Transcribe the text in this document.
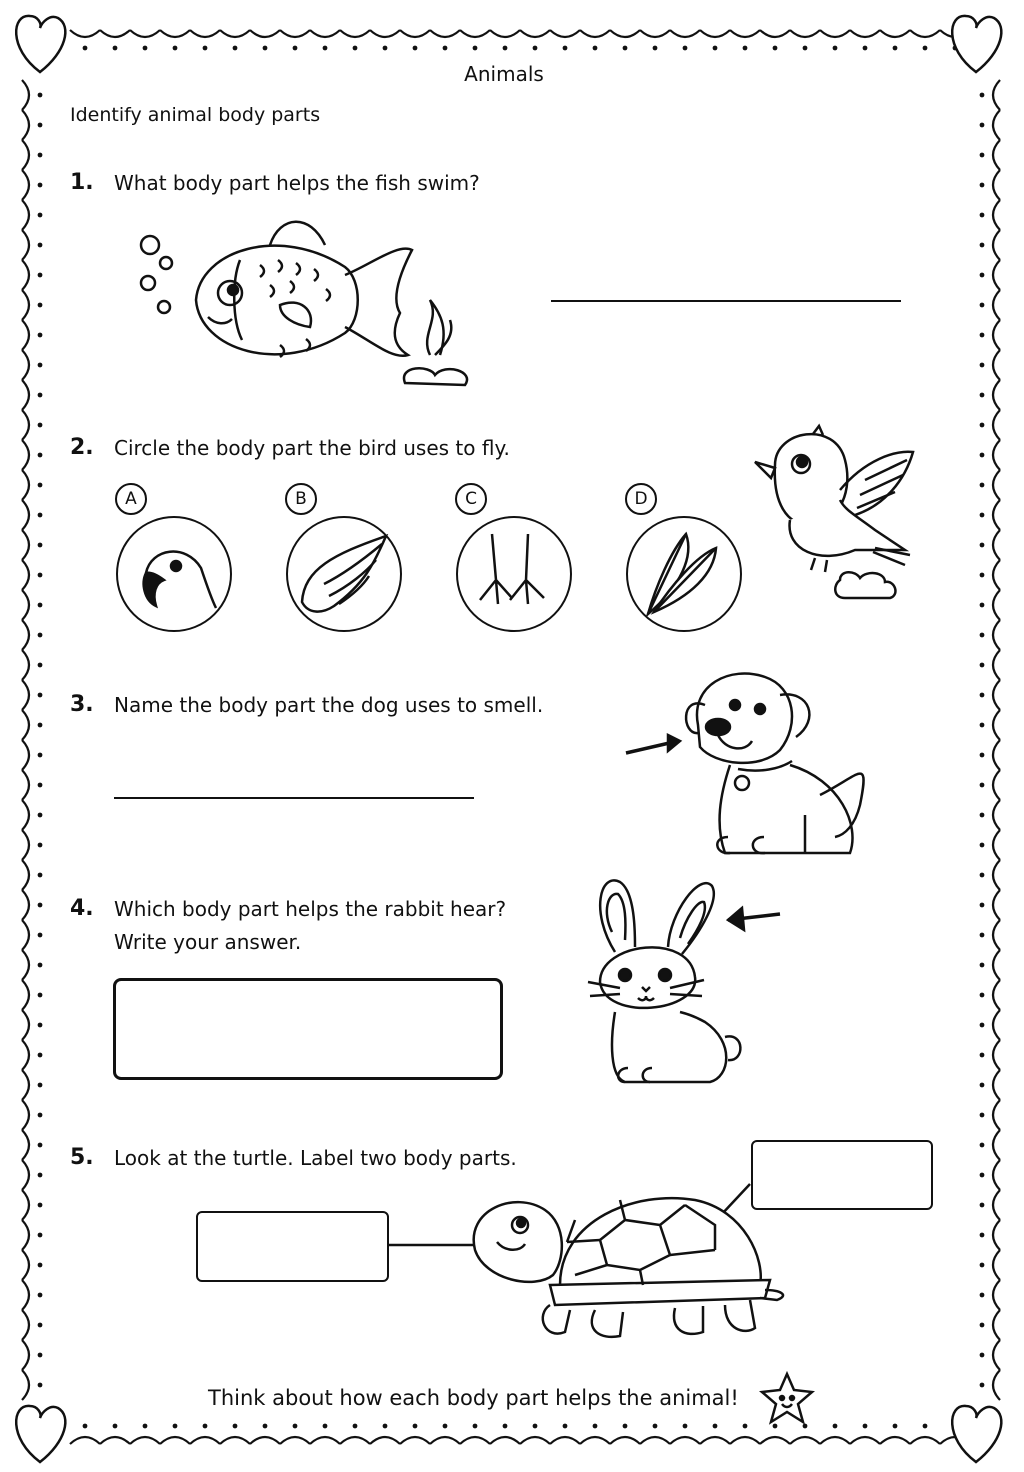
Animals
Identify animal body parts
1. What body part helps the fish swim?
2. Circle the body part the bird uses to fly.
A	B	C	D
3. Name the body part the dog uses to smell.
4. Which body part helps the rabbit hear?
Write your answer.
5. Look at the turtle. Label two body parts.
Think about how each body part helps the animal!
